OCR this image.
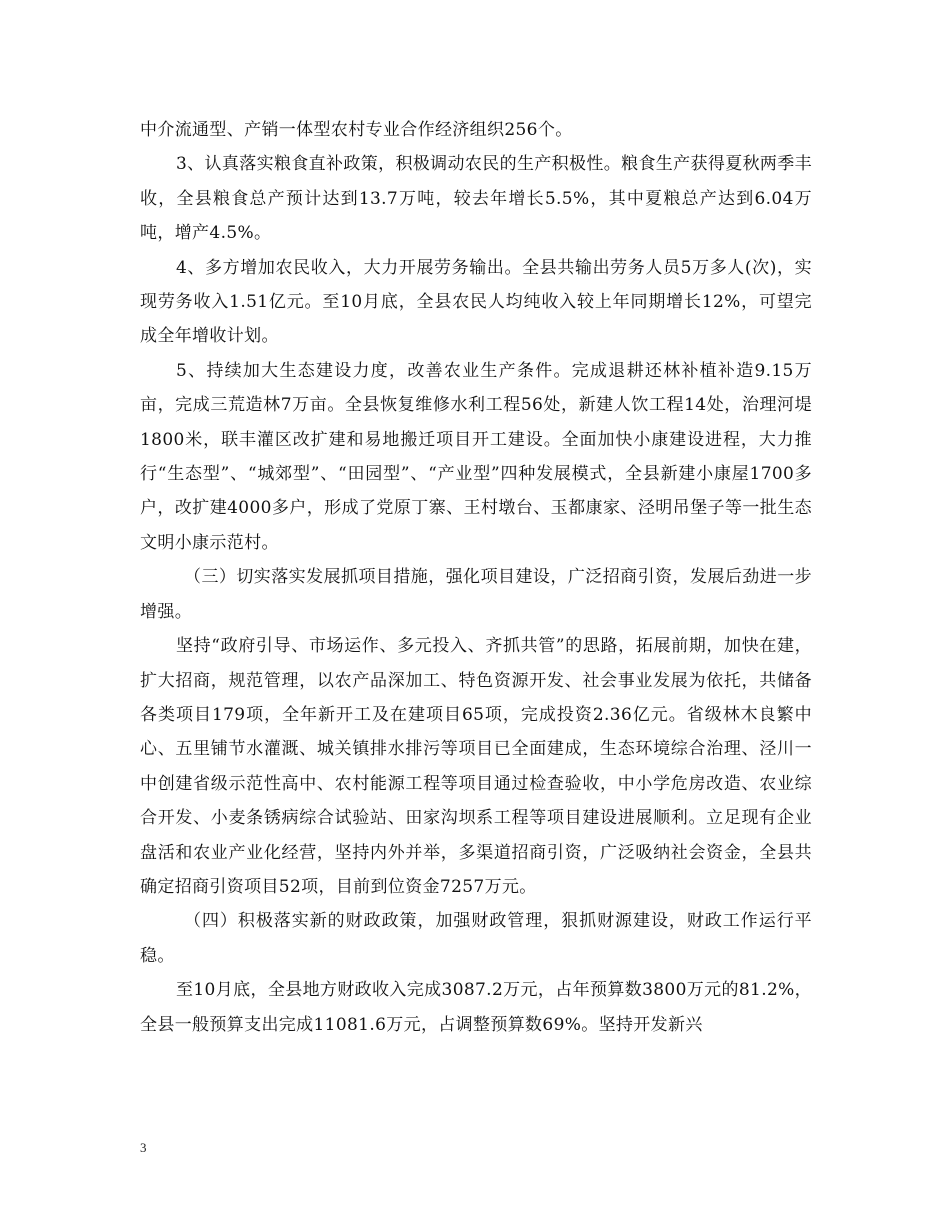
中介流通型、产销一体型农村专业合作经济组织256个。

3、认真落实粮食直补政策，积极调动农民的生产积极性。粮食生产获得夏秋两季丰收，全县粮食总产预计达到13.7万吨，较去年增长5.5%，其中夏粮总产达到6.04万吨，增产4.5%。

4、多方增加农民收入，大力开展劳务输出。全县共输出劳务人员5万多人(次)，实现劳务收入1.51亿元。至10月底，全县农民人均纯收入较上年同期增长12%，可望完成全年增收计划。

5、持续加大生态建设力度，改善农业生产条件。完成退耕还林补植补造9.15万亩，完成三荒造林7万亩。全县恢复维修水利工程56处，新建人饮工程14处，治理河堤1800米，联丰灌区改扩建和易地搬迁项目开工建设。全面加快小康建设进程，大力推行“生态型”、“城郊型”、“田园型”、“产业型”四种发展模式，全县新建小康屋1700多户，改扩建4000多户，形成了党原丁寨、王村墩台、玉都康家、泾明吊堡子等一批生态文明小康示范村。

（三）切实落实发展抓项目措施，强化项目建设，广泛招商引资，发展后劲进一步增强。

坚持“政府引导、市场运作、多元投入、齐抓共管”的思路，拓展前期，加快在建，扩大招商，规范管理，以农产品深加工、特色资源开发、社会事业发展为依托，共储备各类项目179项，全年新开工及在建项目65项，完成投资2.36亿元。省级林木良繁中心、五里铺节水灌溉、城关镇排水排污等项目已全面建成，生态环境综合治理、泾川一中创建省级示范性高中、农村能源工程等项目通过检查验收，中小学危房改造、农业综合开发、小麦条锈病综合试验站、田家沟坝系工程等项目建设进展顺利。立足现有企业盘活和农业产业化经营，坚持内外并举，多渠道招商引资，广泛吸纳社会资金，全县共确定招商引资项目52项，目前到位资金7257万元。

（四）积极落实新的财政政策，加强财政管理，狠抓财源建设，财政工作运行平稳。

至10月底，全县地方财政收入完成3087.2万元，占年预算数3800万元的81.2%，全县一般预算支出完成11081.6万元，占调整预算数69%。坚持开发新兴

3
